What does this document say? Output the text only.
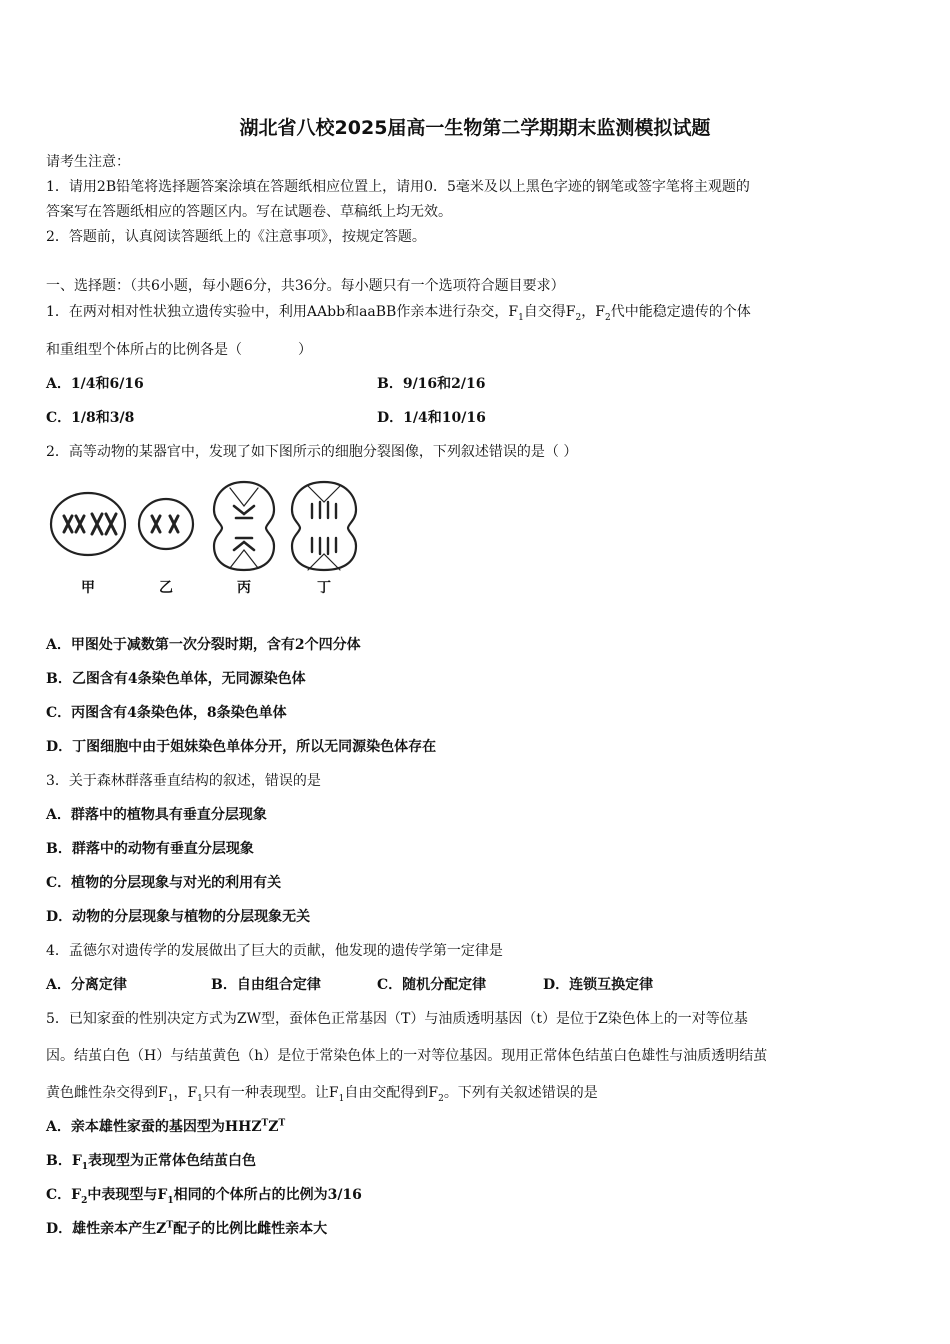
湖北省八校2025届高一生物第二学期期末监测模拟试题
请考生注意：
1．请用2B铅笔将选择题答案涂填在答题纸相应位置上，请用0．5毫米及以上黑色字迹的钢笔或签字笔将主观题的
答案写在答题纸相应的答题区内。写在试题卷、草稿纸上均无效。
2．答题前，认真阅读答题纸上的《注意事项》，按规定答题。
一、选择题：（共6小题，每小题6分，共36分。每小题只有一个选项符合题目要求）
1．在两对相对性状独立遗传实验中，利用AAbb和aaBB作亲本进行杂交，$F_1$自交得$F_2$，$F_2$代中能稳定遗传的个体
和重组型个体所占的比例各是（　　　　）
A．1/4和6/16	B．9/16和2/16
C．1/8和3/8	D．1/4和10/16
2．高等动物的某器官中，发现了如下图所示的细胞分裂图像，下列叙述错误的是（ ）
甲	乙	丙	丁
A．甲图处于减数第一次分裂时期，含有2个四分体
B．乙图含有4条染色单体，无同源染色体
C．丙图含有4条染色体，8条染色单体
D．丁图细胞中由于姐妹染色单体分开，所以无同源染色体存在
3．关于森林群落垂直结构的叙述，错误的是
A．群落中的植物具有垂直分层现象
B．群落中的动物有垂直分层现象
C．植物的分层现象与对光的利用有关
D．动物的分层现象与植物的分层现象无关
4．孟德尔对遗传学的发展做出了巨大的贡献，他发现的遗传学第一定律是
A．分离定律	B．自由组合定律	C．随机分配定律	D．连锁互换定律
5．已知家蚕的性别决定方式为ZW型，蚕体色正常基因（T）与油质透明基因（t）是位于Z染色体上的一对等位基
因。结茧白色（H）与结茧黄色（h）是位于常染色体上的一对等位基因。现用正常体色结茧白色雄性与油质透明结茧
黄色雌性杂交得到$F_1$，$F_1$只有一种表现型。让$F_1$自由交配得到$F_2$。下列有关叙述错误的是
A．亲本雄性家蚕的基因型为$HHZ^TZ^T$
B．$F_1$表现型为正常体色结茧白色
C．$F_2$中表现型与$F_1$相同的个体所占的比例为3/16
D．雄性亲本产生$Z^T$配子的比例比雌性亲本大
